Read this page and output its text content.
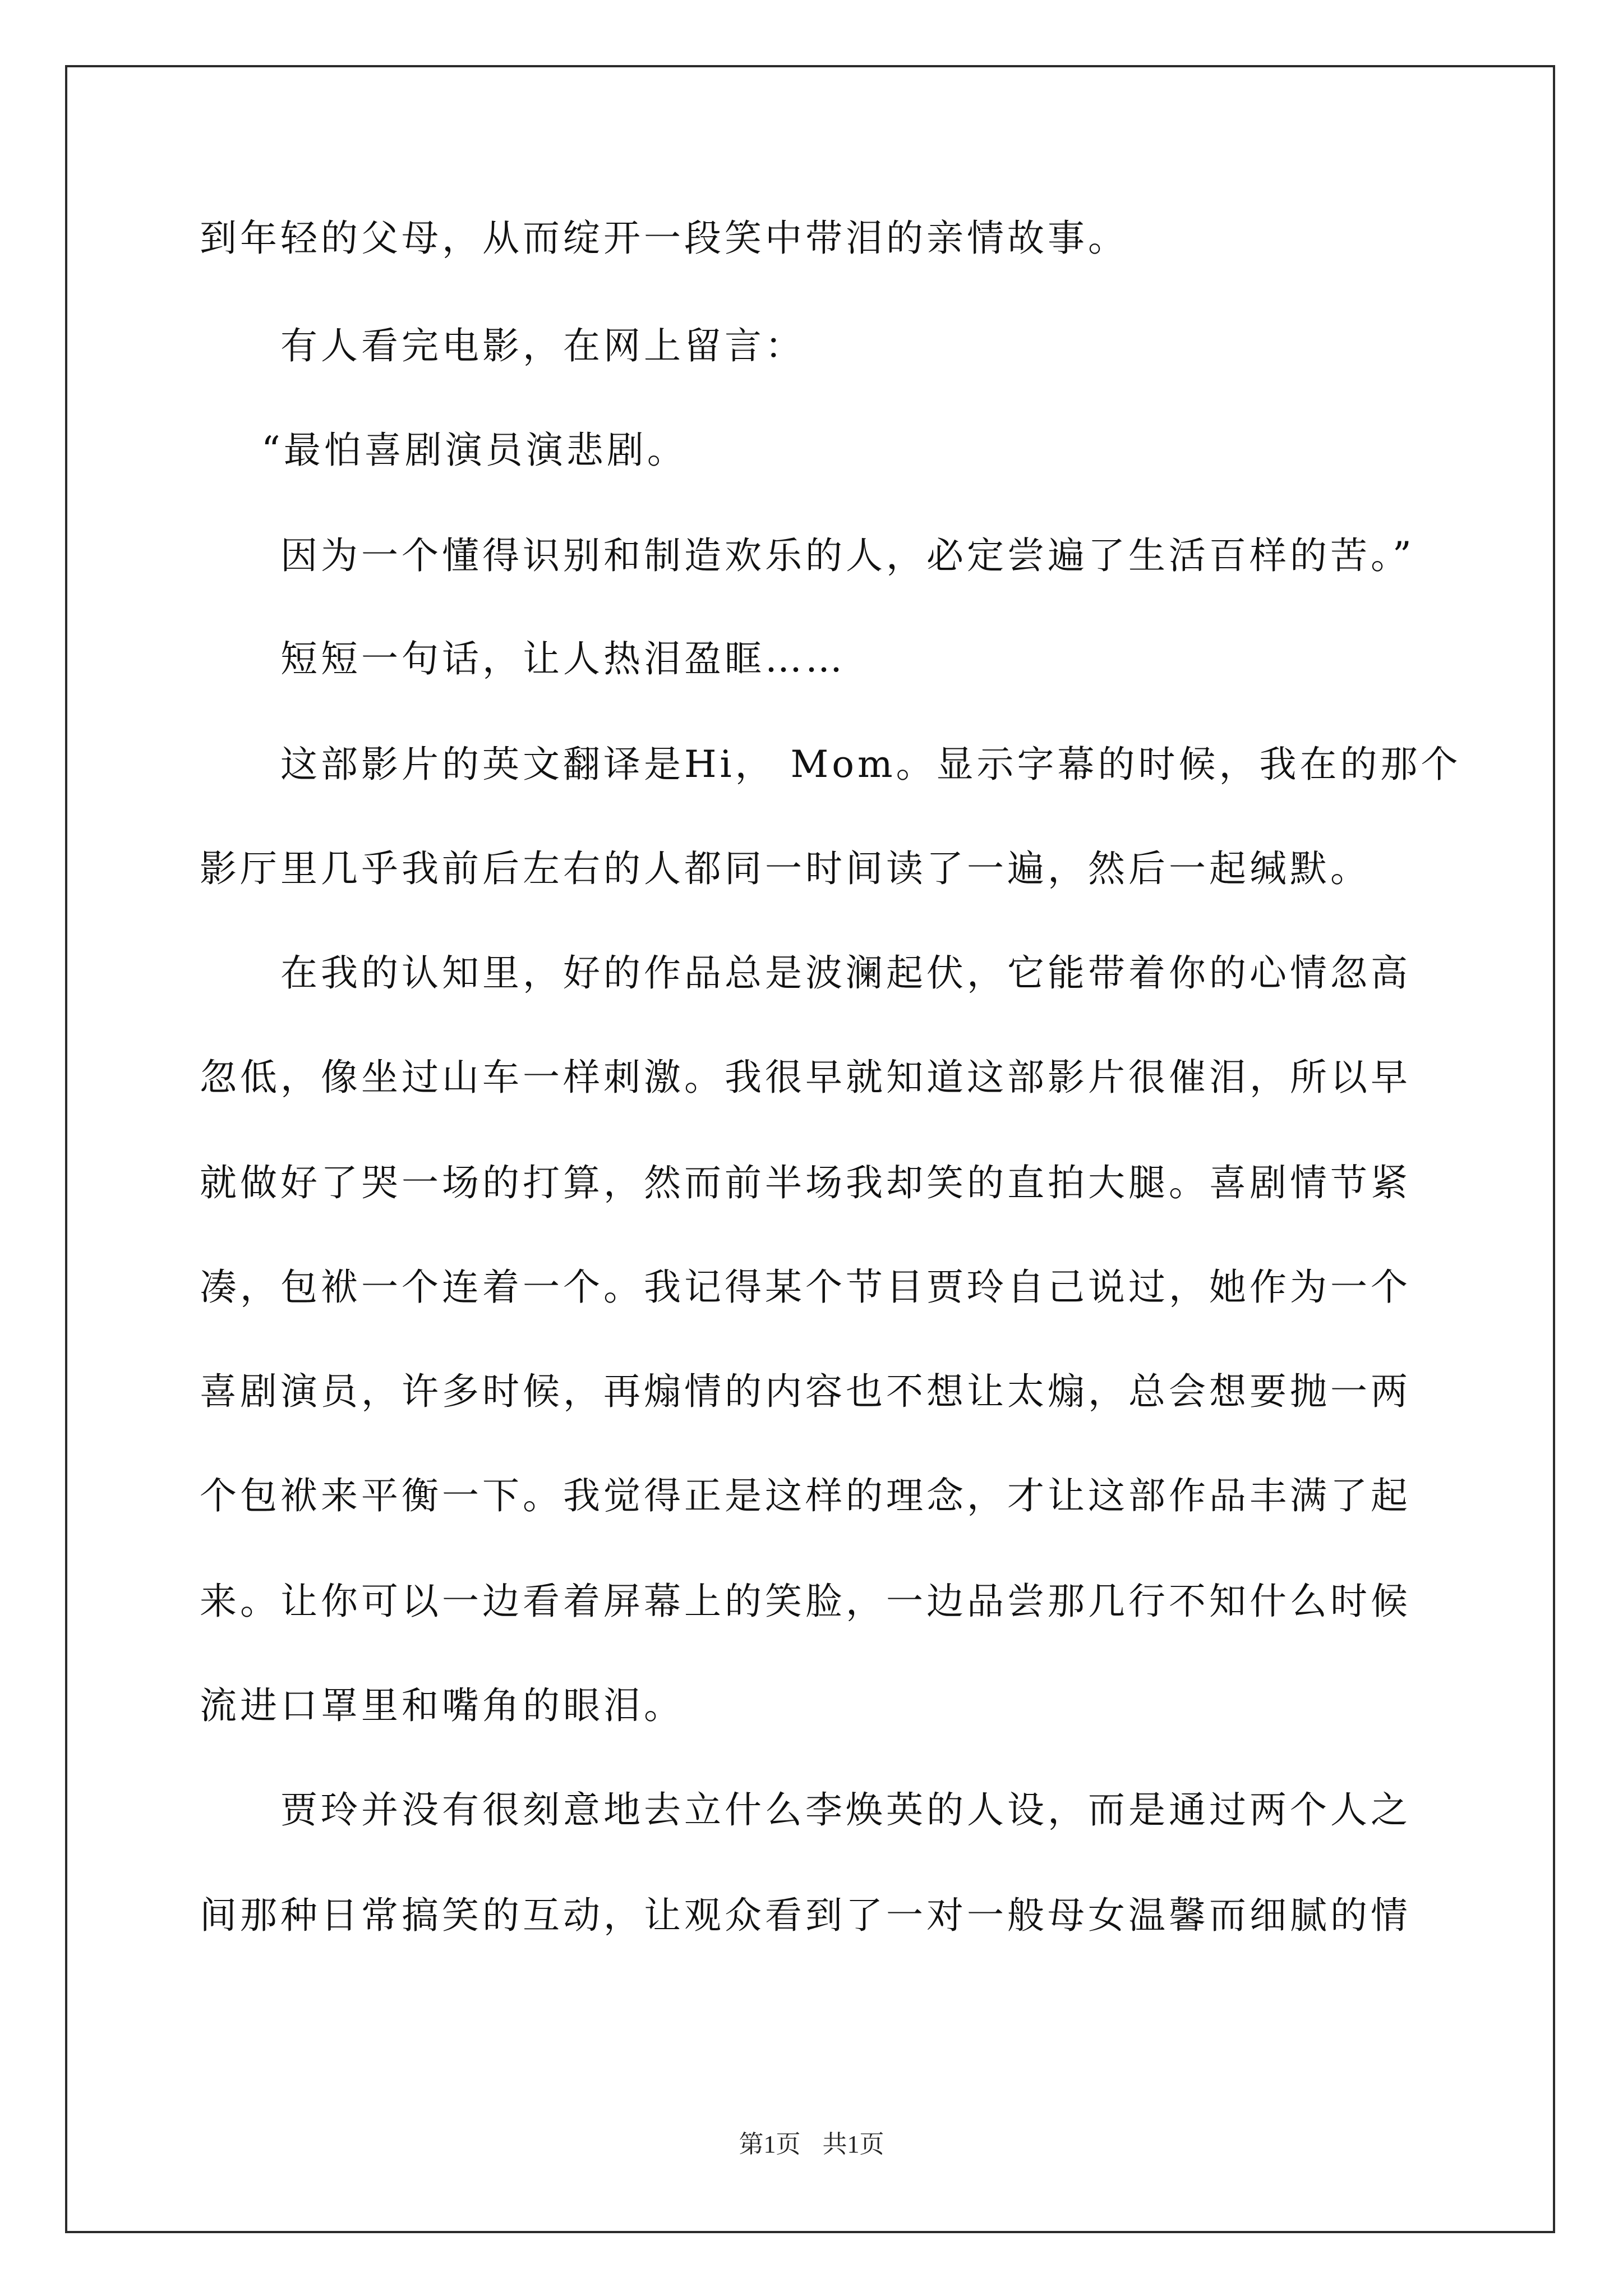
到年轻的父母，从而绽开一段笑中带泪的亲情故事。
有人看完电影，在网上留言：
“最怕喜剧演员演悲剧。
因为一个懂得识别和制造欢乐的人，必定尝遍了生活百样的苦。”
短短一句话，让人热泪盈眶……
这部影片的英文翻译是Hi， Mom。显示字幕的时候，我在的那个
影厅里几乎我前后左右的人都同一时间读了一遍，然后一起缄默。
在我的认知里，好的作品总是波澜起伏，它能带着你的心情忽高
忽低，像坐过山车一样刺激。我很早就知道这部影片很催泪，所以早
就做好了哭一场的打算，然而前半场我却笑的直拍大腿。喜剧情节紧
凑，包袱一个连着一个。我记得某个节目贾玲自己说过，她作为一个
喜剧演员，许多时候，再煽情的内容也不想让太煽，总会想要抛一两
个包袱来平衡一下。我觉得正是这样的理念，才让这部作品丰满了起
来。让你可以一边看着屏幕上的笑脸，一边品尝那几行不知什么时候
流进口罩里和嘴角的眼泪。
贾玲并没有很刻意地去立什么李焕英的人设，而是通过两个人之
间那种日常搞笑的互动，让观众看到了一对一般母女温馨而细腻的情
第1页 共1页
